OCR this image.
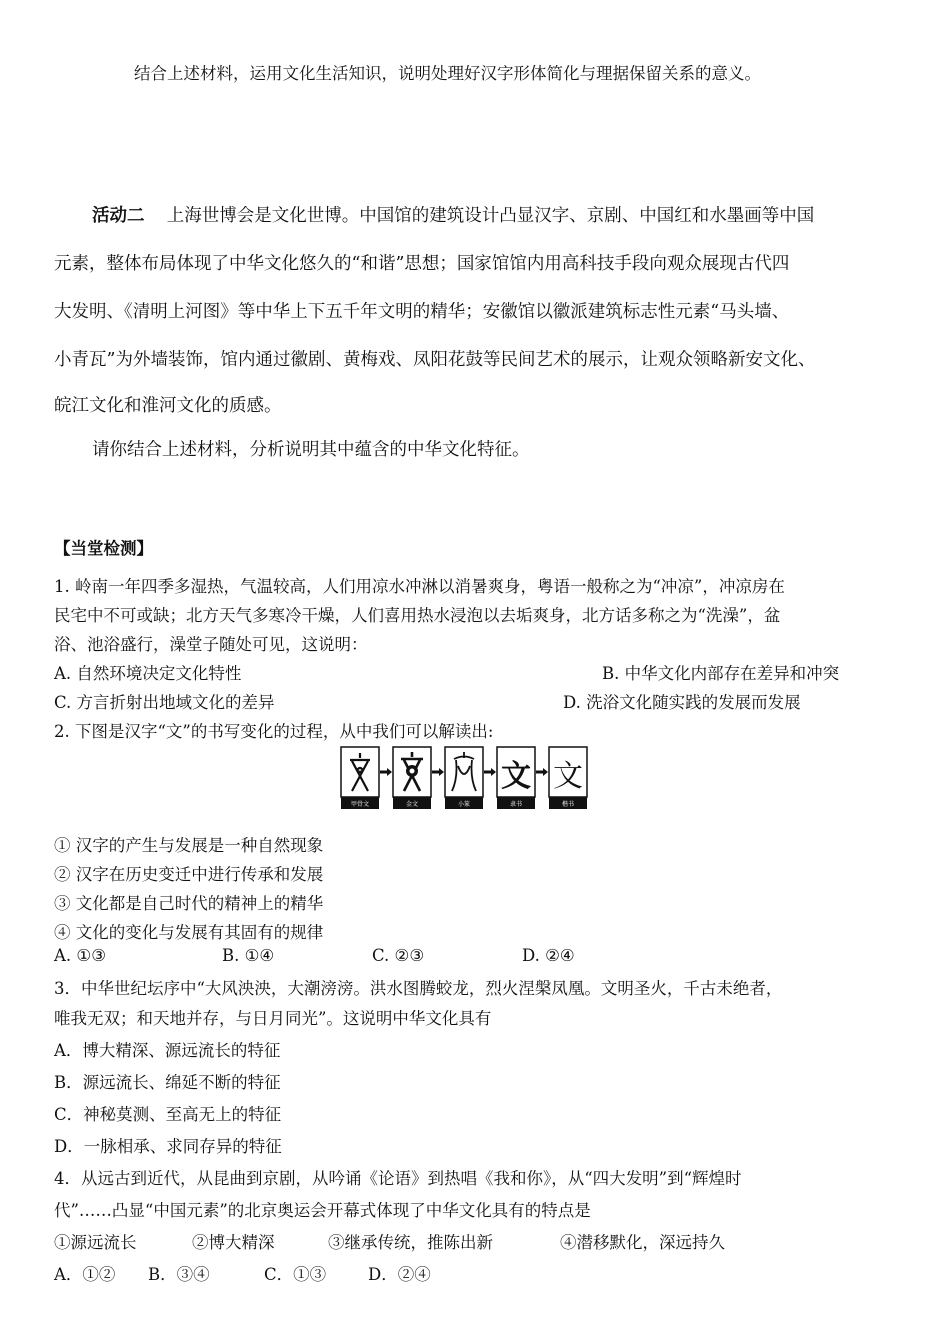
结合上述材料，运用文化生活知识，说明处理好汉字形体简化与理据保留关系的意义。
活动二 上海世博会是文化世博。中国馆的建筑设计凸显汉字、京剧、中国红和水墨画等中国
元素，整体布局体现了中华文化悠久的“和谐”思想；国家馆馆内用高科技手段向观众展现古代四
大发明、《清明上河图》等中华上下五千年文明的精华；安徽馆以徽派建筑标志性元素“马头墙、
小青瓦”为外墙装饰，馆内通过徽剧、黄梅戏、凤阳花鼓等民间艺术的展示，让观众领略新安文化、
皖江文化和淮河文化的质感。
请你结合上述材料，分析说明其中蕴含的中华文化特征。
【当堂检测】
1. 岭南一年四季多湿热，气温较高，人们用凉水冲淋以消暑爽身，粤语一般称之为“冲凉”，冲凉房在
民宅中不可或缺；北方天气多寒冷干燥，人们喜用热水浸泡以去垢爽身，北方话多称之为“洗澡”，盆
浴、池浴盛行，澡堂子随处可见，这说明：
A. 自然环境决定文化特性	B. 中华文化内部存在差异和冲突
C. 方言折射出地域文化的差异	D. 洗浴文化随实践的发展而发展
2. 下图是汉字“文”的书写变化的过程，从中我们可以解读出:
甲骨文	金文	小篆
文
隶书
文
楷书
① 汉字的产生与发展是一种自然现象
② 汉字在历史变迁中进行传承和发展
③ 文化都是自己时代的精神上的精华
④ 文化的变化与发展有其固有的规律
A. ①③	B. ①④	C. ②③	D. ②④
3．中华世纪坛序中“大风泱泱，大潮滂滂。洪水图腾蛟龙，烈火涅槃凤凰。文明圣火，千古未绝者，
唯我无双；和天地并存，与日月同光”。这说明中华文化具有
A．博大精深、源远流长的特征
B．源远流长、绵延不断的特征
C．神秘莫测、至高无上的特征
D．一脉相承、求同存异的特征
4．从远古到近代，从昆曲到京剧，从吟诵《论语》到热唱《我和你》，从“四大发明”到“辉煌时
代”……凸显“中国元素”的北京奥运会开幕式体现了中华文化具有的特点是
①源远流长	②博大精深	③继承传统，推陈出新	④潜移默化，深远持久
A．①② B．③④	C．①③	D．②④
